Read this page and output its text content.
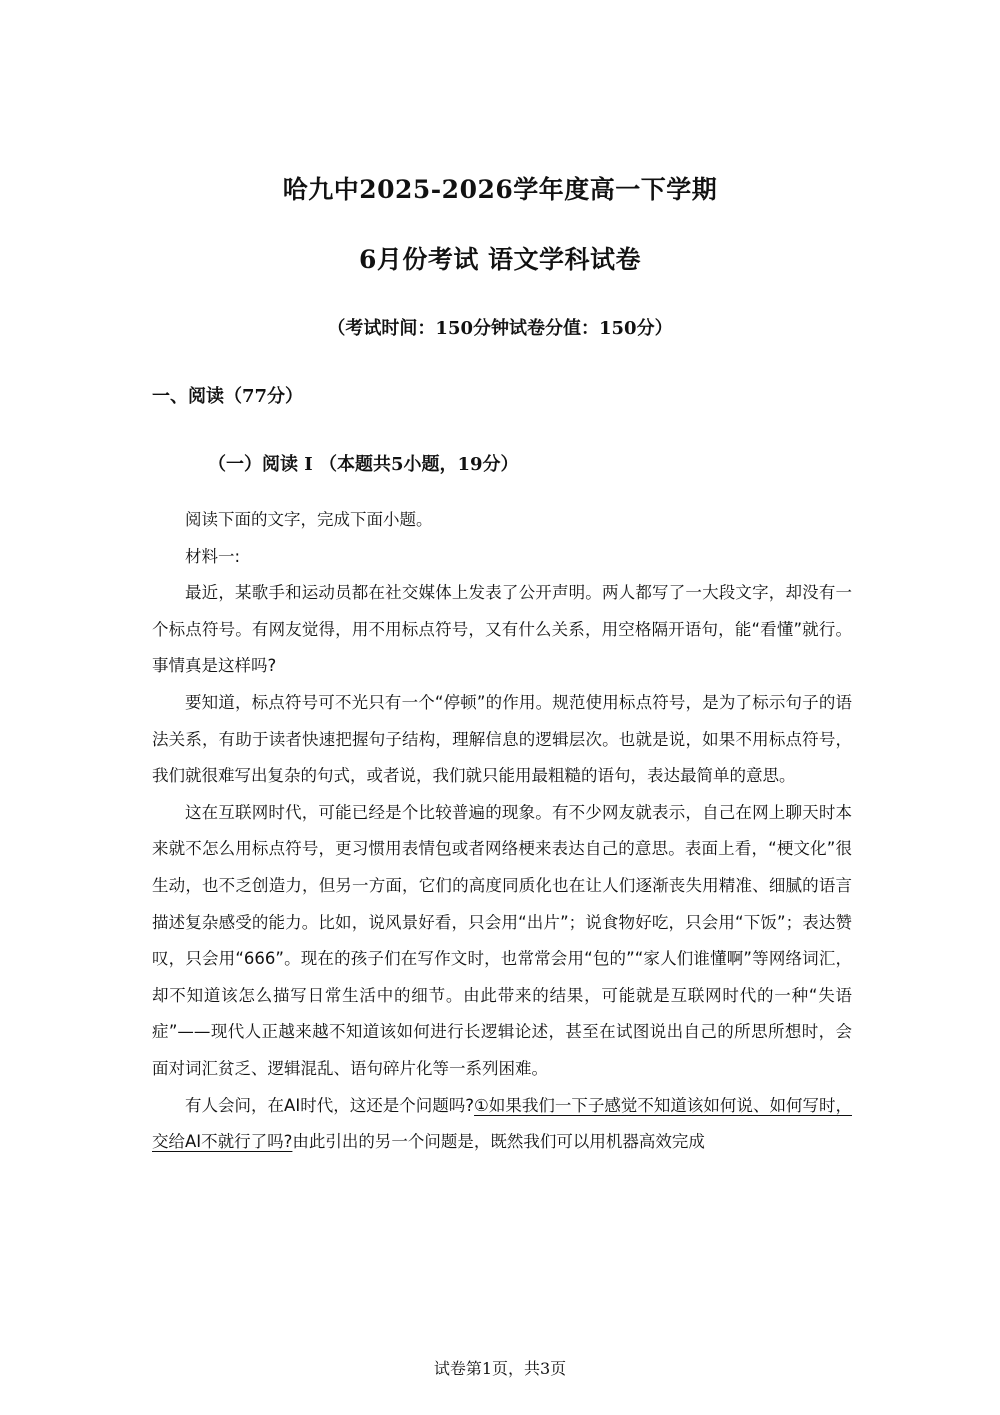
哈九中2025-2026学年度高一下学期
6月份考试 语文学科试卷
（考试时间：150分钟试卷分值：150分）
一、阅读（77分）
（一）阅读 I （本题共5小题，19分）

阅读下面的文字，完成下面小题。

材料一:

最近，某歌手和运动员都在社交媒体上发表了公开声明。两人都写了一大段文字，却没有一个标点符号。有网友觉得，用不用标点符号，又有什么关系，用空格隔开语句，能“看懂”就行。事情真是这样吗?

要知道，标点符号可不光只有一个“停顿”的作用。规范使用标点符号，是为了标示句子的语法关系，有助于读者快速把握句子结构，理解信息的逻辑层次。也就是说，如果不用标点符号，我们就很难写出复杂的句式，或者说，我们就只能用最粗糙的语句，表达最简单的意思。

这在互联网时代，可能已经是个比较普遍的现象。有不少网友就表示，自己在网上聊天时本来就不怎么用标点符号，更习惯用表情包或者网络梗来表达自己的意思。表面上看，“梗文化”很生动，也不乏创造力，但另一方面，它们的高度同质化也在让人们逐渐丧失用精准、细腻的语言描述复杂感受的能力。比如，说风景好看，只会用“出片”；说食物好吃，只会用“下饭”；表达赞叹，只会用“666”。现在的孩子们在写作文时，也常常会用“包的”“家人们谁懂啊”等网络词汇，却不知道该怎么描写日常生活中的细节。由此带来的结果，可能就是互联网时代的一种“失语症”——现代人正越来越不知道该如何进行长逻辑论述，甚至在试图说出自己的所思所想时，会面对词汇贫乏、逻辑混乱、语句碎片化等一系列困难。

有人会问，在AI时代，这还是个问题吗?①如果我们一下子感觉不知道该如何说、如何写时，交给AI不就行了吗?由此引出的另一个问题是，既然我们可以用机器高效完成

试卷第1页，共3页
